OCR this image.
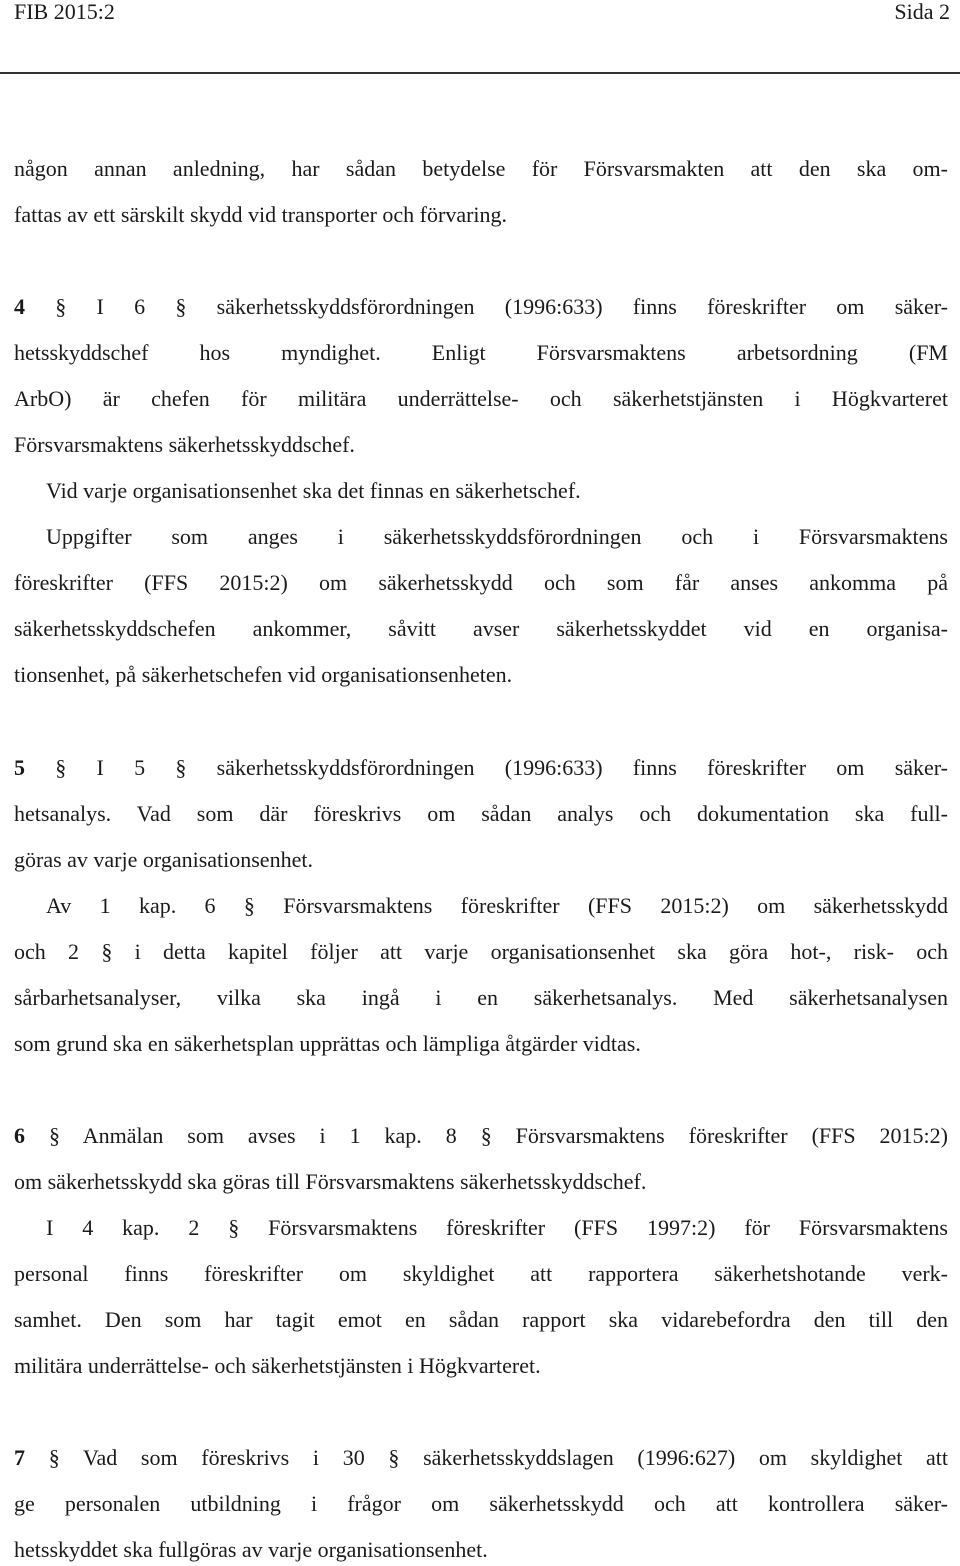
FIB 2015:2	Sida 2
någon annan anledning, har sådan betydelse för Försvarsmakten att den ska om-
fattas av ett särskilt skydd vid transporter och förvaring.
4 § I 6 § säkerhetsskyddsförordningen (1996:633) finns föreskrifter om säker-
hetsskyddschef hos myndighet. Enligt Försvarsmaktens arbetsordning (FM
ArbO) är chefen för militära underrättelse- och säkerhetstjänsten i Högkvarteret
Försvarsmaktens säkerhetsskyddschef.
Vid varje organisationsenhet ska det finnas en säkerhetschef.
Uppgifter som anges i säkerhetsskyddsförordningen och i Försvarsmaktens
föreskrifter (FFS 2015:2) om säkerhetsskydd och som får anses ankomma på
säkerhetsskyddschefen ankommer, såvitt avser säkerhetsskyddet vid en organisa-
tionsenhet, på säkerhetschefen vid organisationsenheten.
5 § I 5 § säkerhetsskyddsförordningen (1996:633) finns föreskrifter om säker-
hetsanalys. Vad som där föreskrivs om sådan analys och dokumentation ska full-
göras av varje organisationsenhet.
Av 1 kap. 6 § Försvarsmaktens föreskrifter (FFS 2015:2) om säkerhetsskydd
och 2 § i detta kapitel följer att varje organisationsenhet ska göra hot-, risk- och
sårbarhetsanalyser, vilka ska ingå i en säkerhetsanalys. Med säkerhetsanalysen
som grund ska en säkerhetsplan upprättas och lämpliga åtgärder vidtas.
6 § Anmälan som avses i 1 kap. 8 § Försvarsmaktens föreskrifter (FFS 2015:2)
om säkerhetsskydd ska göras till Försvarsmaktens säkerhetsskyddschef.
I 4 kap. 2 § Försvarsmaktens föreskrifter (FFS 1997:2) för Försvarsmaktens
personal finns föreskrifter om skyldighet att rapportera säkerhetshotande verk-
samhet. Den som har tagit emot en sådan rapport ska vidarebefordra den till den
militära underrättelse- och säkerhetstjänsten i Högkvarteret.
7 § Vad som föreskrivs i 30 § säkerhetsskyddslagen (1996:627) om skyldighet att
ge personalen utbildning i frågor om säkerhetsskydd och att kontrollera säker-
hetsskyddet ska fullgöras av varje organisationsenhet.
